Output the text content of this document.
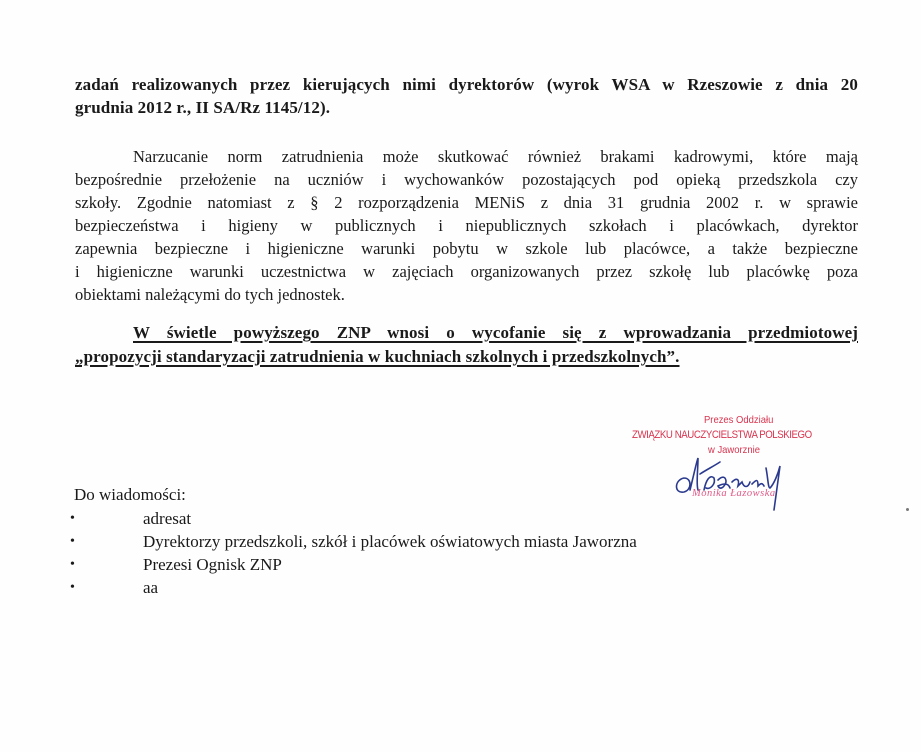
zadań realizowanych przez kierujących nimi dyrektorów (wyrok WSA w Rzeszowie z dnia 20
grudnia 2012 r., II SA/Rz 1145/12).
Narzucanie norm zatrudnienia może skutkować również brakami kadrowymi, które mają
bezpośrednie przełożenie na uczniów i wychowanków pozostających pod opieką przedszkola czy
szkoły. Zgodnie natomiast z § 2 rozporządzenia MENiS z dnia 31 grudnia 2002 r. w sprawie
bezpieczeństwa i higieny w publicznych i niepublicznych szkołach i placówkach, dyrektor
zapewnia bezpieczne i higieniczne warunki pobytu w szkole lub placówce, a także bezpieczne
i higieniczne warunki uczestnictwa w zajęciach organizowanych przez szkołę lub placówkę poza
obiektami należącymi do tych jednostek.
W świetle powyższego ZNP wnosi o wycofanie się z wprowadzania przedmiotowej
„propozycji standaryzacji zatrudnienia w kuchniach szkolnych i przedszkolnych”.
Prezes Oddziału
ZWIĄZKU NAUCZYCIELSTWA POLSKIEGO
w Jaworznie
Monika Łazowska
Do wiadomości:
•	adresat
•	Dyrektorzy przedszkoli, szkół i placówek oświatowych miasta Jaworzna
•	Prezesi Ognisk ZNP
•	aa
